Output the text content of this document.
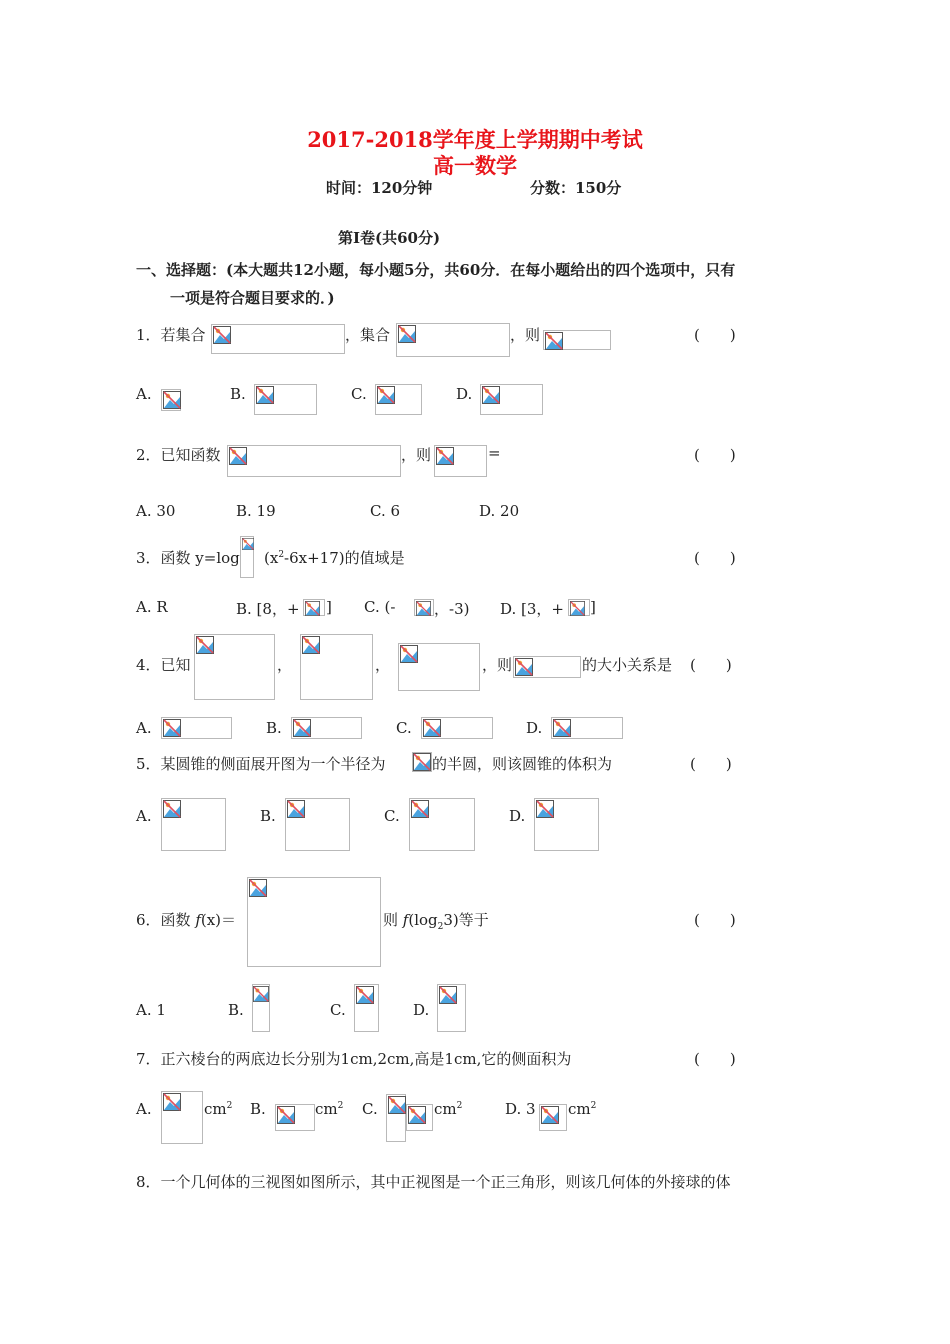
2017-2018学年度上学期期中考试
高一数学
时间：120分钟	分数：150分
第Ⅰ卷(共60分)
一、选择题：(本大题共12小题，每小题5分，共60分．在每小题给出的四个选项中，只有
一项是符合题目要求的．)
1．若集合	，集合	，则	(　　)
A.	B.	C.	D.
2．已知函数	，则	=	(　　)
A. 30	B. 19	C. 6	D. 20
3．函数 y=log $(x^2-6x+17)$的值域是	(　　)
A. R	B. [8，+ ] C. (-	，-3) D. [3，+ ]
4．已知	，	，	，则	的大小关系是 (　　)
A.	B.	C.	D.
5．某圆锥的侧面展开图为一个半径为	的半圆，则该圆锥的体积为	(　　)
A.	B.	C.	D.
6．函数 f(x)＝	则 $f(\log_23)$等于	(　　)
A. 1	B.	C.	D.
7．正六棱台的两底边长分别为1cm,2cm,高是1cm,它的侧面积为	(　　)
A.	$cm^2$ B.	$cm^2$ C.	$cm^2$	D. 3 $cm^2$
8．一个几何体的三视图如图所示，其中正视图是一个正三角形，则该几何体的外接球的体
